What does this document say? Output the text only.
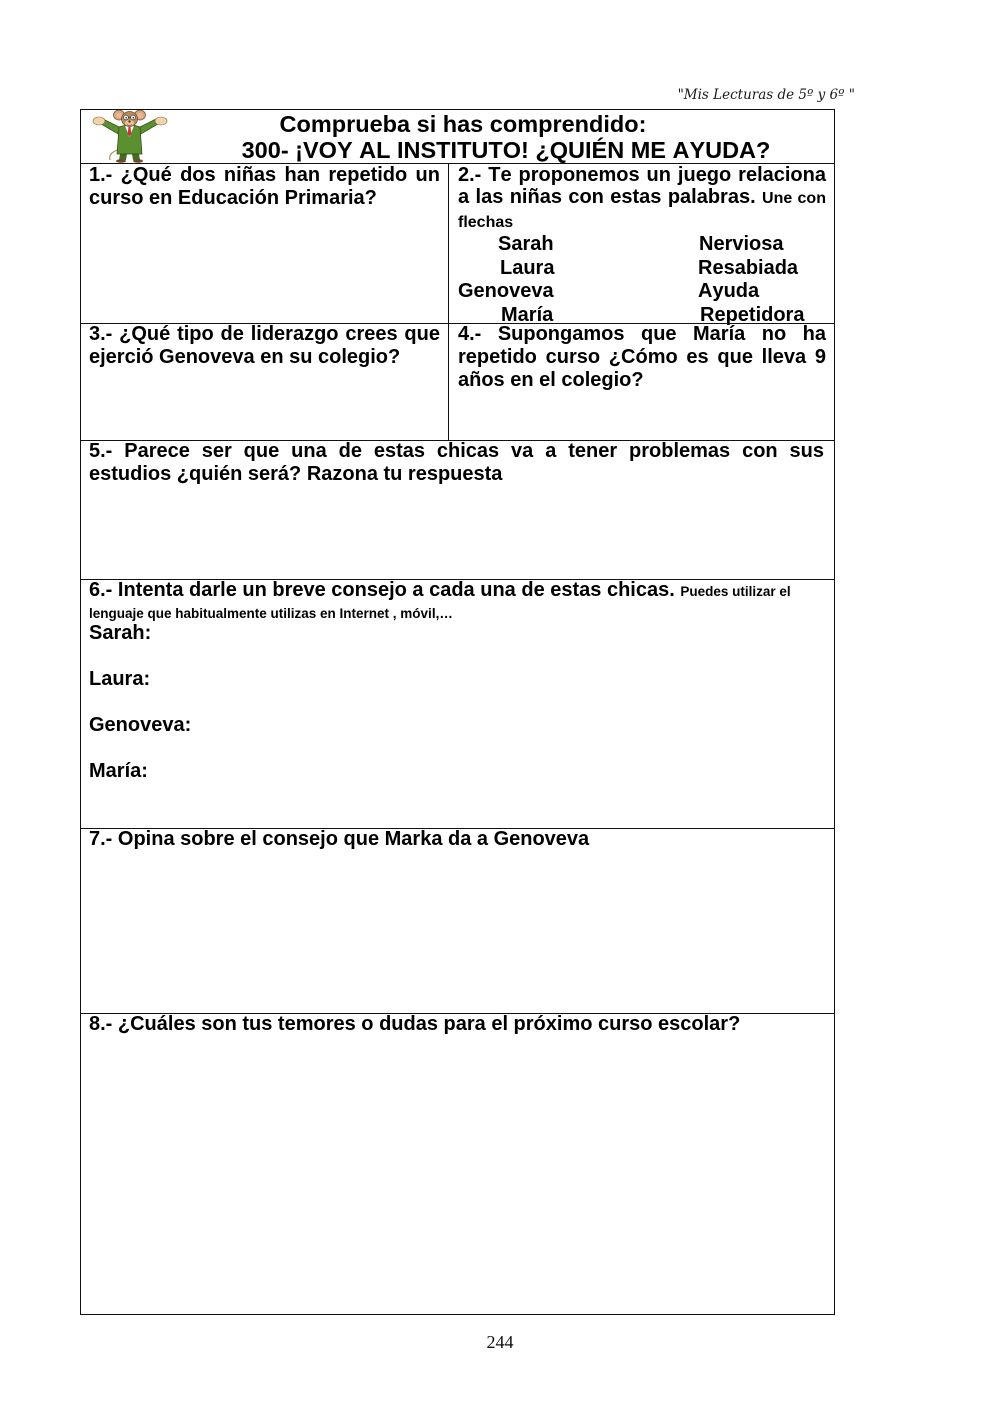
"Mis Lecturas de 5º y 6º "
Comprueba si has comprendido:
300- ¡VOY AL INSTITUTO! ¿QUIÉN ME AYUDA?

1.- ¿Qué dos niñas han repetido un curso en Educación Primaria?

2.- Te proponemos un juego relaciona a las niñas con estas palabras. Une con flechas

Sarah
Laura
Genoveva
María
Nerviosa
Resabiada
Ayuda
Repetidora

3.- ¿Qué tipo de liderazgo crees que ejerció Genoveva en su colegio?

4.- Supongamos que María no ha repetido curso ¿Cómo es que lleva 9 años en el colegio?

5.- Parece ser que una de estas chicas va a tener problemas con sus estudios ¿quién será? Razona tu respuesta

6.- Intenta darle un breve consejo a cada una de estas chicas. Puedes utilizar el lenguaje que habitualmente utilizas en Internet , móvil,…

Sarah:
Laura:
Genoveva:
María:

7.- Opina sobre el consejo que Marka da a Genoveva

8.- ¿Cuáles son tus temores o dudas para el próximo curso escolar?

244
